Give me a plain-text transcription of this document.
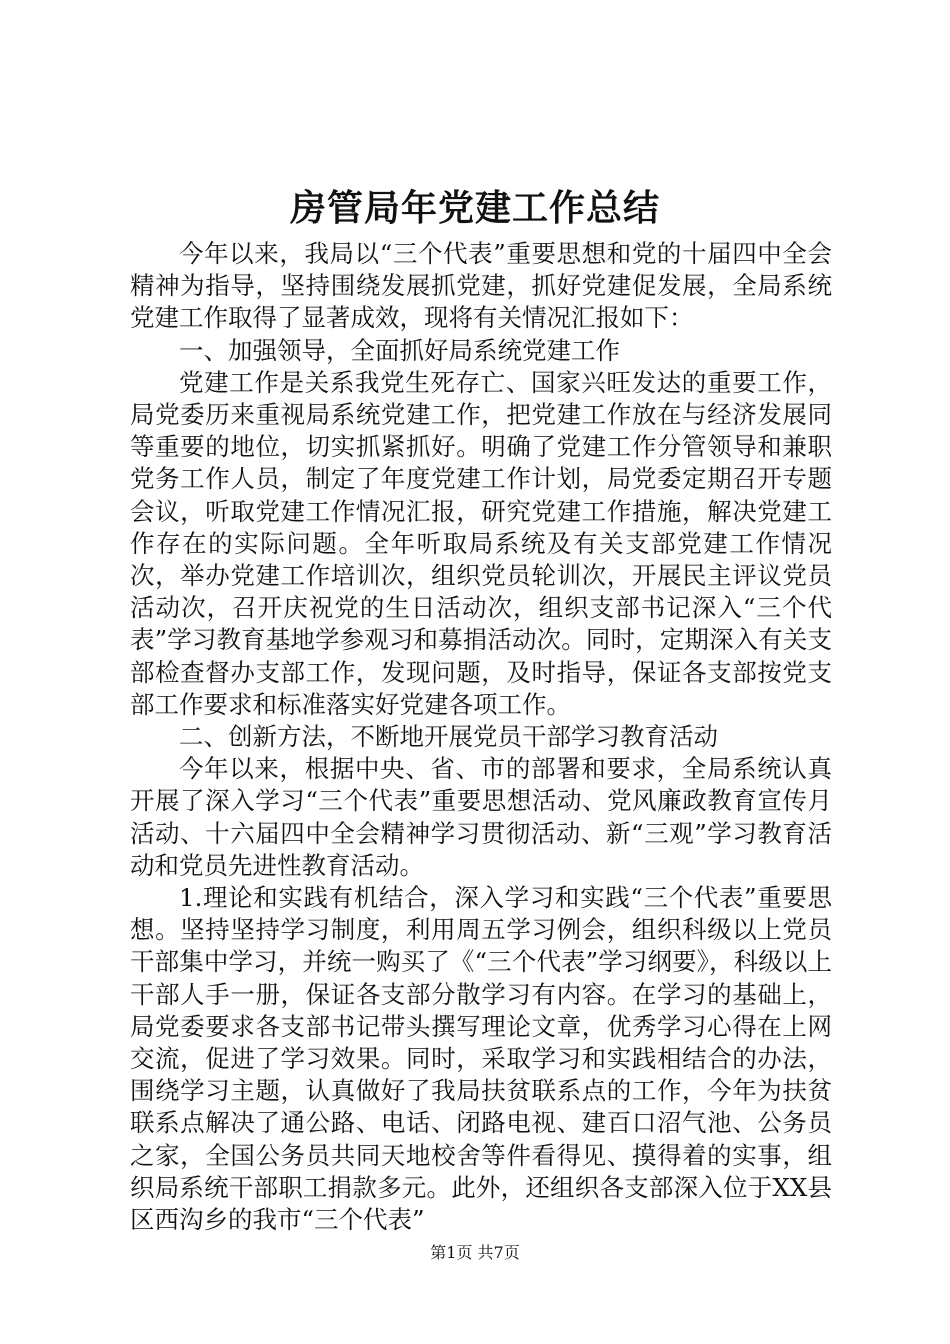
房管局年党建工作总结

今年以来，我局以“三个代表”重要思想和党的十届四中全会精神为指导，坚持围绕发展抓党建，抓好党建促发展，全局系统党建工作取得了显著成效，现将有关情况汇报如下：

一、加强领导，全面抓好局系统党建工作

党建工作是关系我党生死存亡、国家兴旺发达的重要工作，局党委历来重视局系统党建工作，把党建工作放在与经济发展同等重要的地位，切实抓紧抓好。明确了党建工作分管领导和兼职党务工作人员，制定了年度党建工作计划，局党委定期召开专题会议，听取党建工作情况汇报，研究党建工作措施，解决党建工作存在的实际问题。全年听取局系统及有关支部党建工作情况次，举办党建工作培训次，组织党员轮训次，开展民主评议党员活动次，召开庆祝党的生日活动次，组织支部书记深入“三个代表”学习教育基地学参观习和募捐活动次。同时，定期深入有关支部检查督办支部工作，发现问题，及时指导，保证各支部按党支部工作要求和标准落实好党建各项工作。

二、创新方法，不断地开展党员干部学习教育活动

今年以来，根据中央、省、市的部署和要求，全局系统认真开展了深入学习“三个代表”重要思想活动、党风廉政教育宣传月活动、十六届四中全会精神学习贯彻活动、新“三观”学习教育活动和党员先进性教育活动。

1.理论和实践有机结合，深入学习和实践“三个代表”重要思想。坚持坚持学习制度，利用周五学习例会，组织科级以上党员干部集中学习，并统一购买了《“三个代表”学习纲要》，科级以上干部人手一册，保证各支部分散学习有内容。在学习的基础上，局党委要求各支部书记带头撰写理论文章，优秀学习心得在上网交流，促进了学习效果。同时，采取学习和实践相结合的办法，围绕学习主题，认真做好了我局扶贫联系点的工作，今年为扶贫联系点解决了通公路、电话、闭路电视、建百口沼气池、公务员之家，全国公务员共同天地校舍等件看得见、摸得着的实事，组织局系统干部职工捐款多元。此外，还组织各支部深入位于XX县区西沟乡的我市“三个代表”

第1页 共7页
